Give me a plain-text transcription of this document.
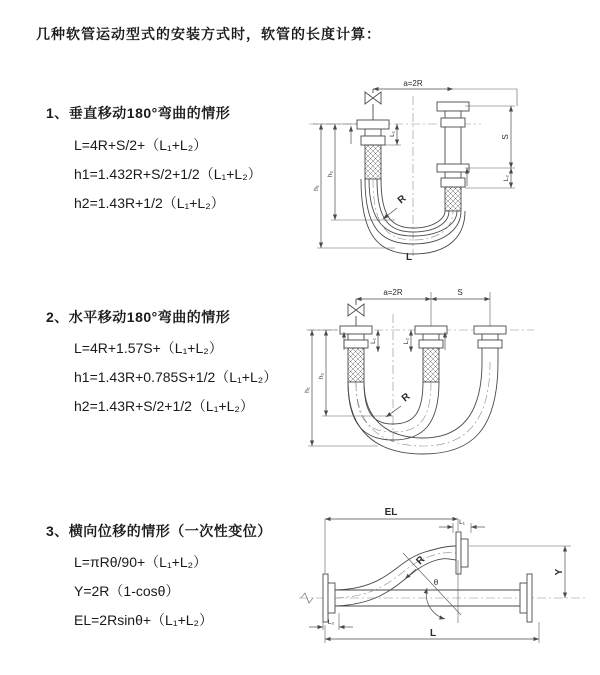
几种软管运动型式的安装方式时，软管的长度计算：
1、垂直移动180°弯曲的情形
L=4R+S/2+（L₁+L₂）
h1=1.432R+S/2+1/2（L₁+L₂）
h2=1.43R+1/2（L₁+L₂）
2、水平移动180°弯曲的情形
L=4R+1.57S+（L₁+L₂）
h1=1.43R+0.785S+1/2（L₁+L₂）
h2=1.43R+S/2+1/2（L₁+L₂）
3、横向位移的情形（一次性变位）
L=πRθ/90+（L₁+L₂）
Y=2R（1-cosθ）
EL=2Rsinθ+（L₁+L₂）
a=2R
L₁
S
L₂
h₁
h₂
R
L
a=2R	S
L₁	L₂
h₁
h₂
R
EL
L₁
Y
θ
R
L₂
L
